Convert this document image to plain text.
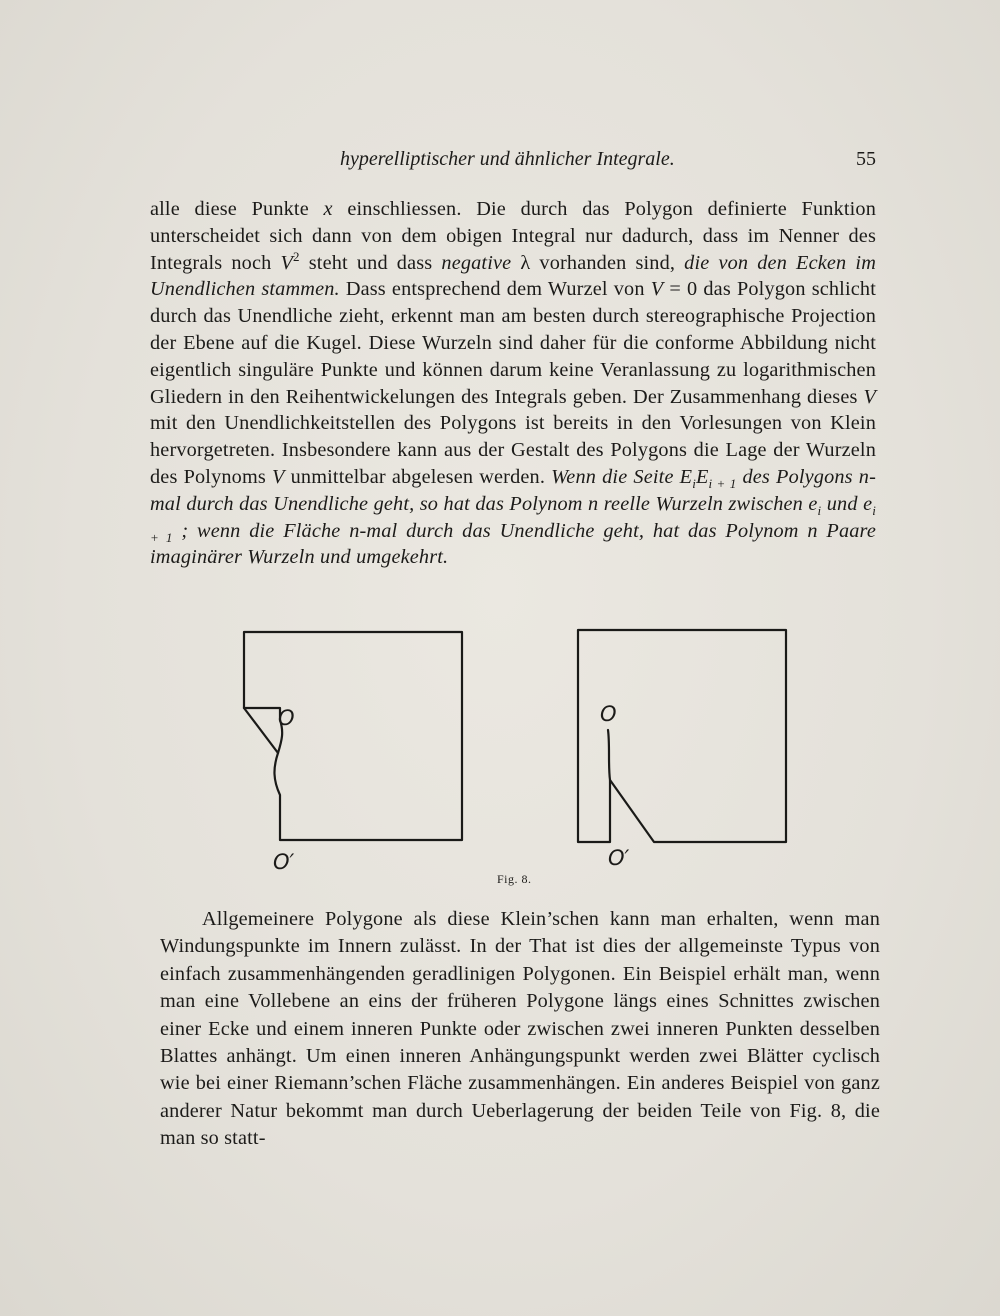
hyperelliptischer und ähnlicher Integrale.	55

alle diese Punkte x einschliessen. Die durch das Polygon definierte Funktion unterscheidet sich dann von dem obigen Integral nur dadurch, dass im Nenner des Integrals noch $V^2$ steht und dass negative λ vorhanden sind, die von den Ecken im Unendlichen stammen. Dass entsprechend dem Wurzel von V = 0 das Polygon schlicht durch das Unendliche zieht, erkennt man am besten durch stereographische Projection der Ebene auf die Kugel. Diese Wurzeln sind daher für die conforme Abbildung nicht eigentlich singuläre Punkte und können darum keine Veranlassung zu logarithmischen Gliedern in den Reihentwickelungen des Integrals geben. Der Zusammenhang dieses V mit den Unendlichkeitstellen des Polygons ist bereits in den Vorlesungen von Klein hervorgetreten. Insbesondere kann aus der Gestalt des Polygons die Lage der Wurzeln des Polynoms V unmittelbar abgelesen werden. Wenn die Seite $E_iE_{i + 1}$ des Polygons n-mal durch das Unendliche geht, so hat das Polynom n reelle Wurzeln zwischen $e_i$ und $e_{i + 1}$ ; wenn die Fläche n-mal durch das Unendliche geht, hat das Polynom n Paare imaginärer Wurzeln und umgekehrt.

O
O′
O
O′
Fig. 8.

Allgemeinere Polygone als diese Klein’schen kann man erhalten, wenn man Windungspunkte im Innern zulässt. In der That ist dies der allgemeinste Typus von einfach zusammenhängenden geradlinigen Polygonen. Ein Beispiel erhält man, wenn man eine Vollebene an eins der früheren Polygone längs eines Schnittes zwischen einer Ecke und einem inneren Punkte oder zwischen zwei inneren Punkten desselben Blattes anhängt. Um einen inneren Anhängungspunkt werden zwei Blätter cyclisch wie bei einer Riemann’schen Fläche zusammenhängen. Ein anderes Beispiel von ganz anderer Natur bekommt man durch Ueberlagerung der beiden Teile von Fig. 8, die man so statt-
